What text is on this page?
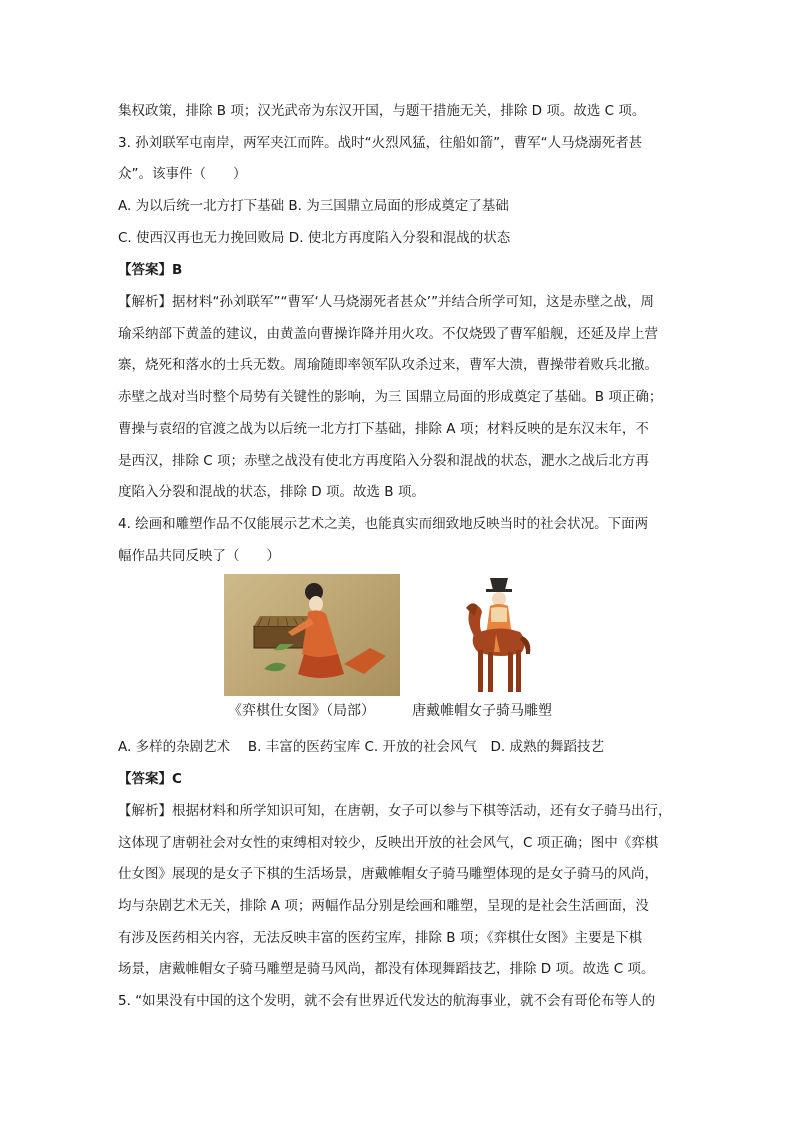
集权政策，排除 B 项；汉光武帝为东汉开国，与题干措施无关，排除 D 项。故选 C 项。
3. 孙刘联军屯南岸，两军夹江而阵。战时“火烈风猛，往船如箭”，曹军“人马烧溺死者甚
众”。该事件（　　）
A. 为以后统一北方打下基础 B. 为三国鼎立局面的形成奠定了基础
C. 使西汉再也无力挽回败局 D. 使北方再度陷入分裂和混战的状态
【答案】B
【解析】据材料“孙刘联军”“曹军‘人马烧溺死者甚众’”并结合所学可知，这是赤壁之战，周
瑜采纳部下黄盖的建议，由黄盖向曹操诈降并用火攻。不仅烧毁了曹军船舰，还延及岸上营
寨，烧死和落水的士兵无数。周瑜随即率领军队攻杀过来，曹军大溃，曹操带着败兵北撤。
赤壁之战对当时整个局势有关键性的影响，为三 国鼎立局面的形成奠定了基础。B 项正确；
曹操与袁绍的官渡之战为以后统一北方打下基础，排除 A 项；材料反映的是东汉末年，不
是西汉，排除 C 项；赤壁之战没有使北方再度陷入分裂和混战的状态，淝水之战后北方再
度陷入分裂和混战的状态，排除 D 项。故选 B 项。
4. 绘画和雕塑作品不仅能展示艺术之美，也能真实而细致地反映当时的社会状况。下面两
幅作品共同反映了（　　）
《弈棋仕女图》（局部）	唐戴帷帽女子骑马雕塑
A. 多样的杂剧艺术　 B. 丰富的医药宝库 C. 开放的社会风气　D. 成熟的舞蹈技艺
【答案】C
【解析】根据材料和所学知识可知，在唐朝，女子可以参与下棋等活动，还有女子骑马出行，
这体现了唐朝社会对女性的束缚相对较少，反映出开放的社会风气，C 项正确；图中《弈棋
仕女图》展现的是女子下棋的生活场景，唐戴帷帽女子骑马雕塑体现的是女子骑马的风尚，
均与杂剧艺术无关，排除 A 项；两幅作品分别是绘画和雕塑，呈现的是社会生活画面，没
有涉及医药相关内容，无法反映丰富的医药宝库，排除 B 项；《弈棋仕女图》主要是下棋
场景，唐戴帷帽女子骑马雕塑是骑马风尚，都没有体现舞蹈技艺，排除 D 项。故选 C 项。
5. “如果没有中国的这个发明，就不会有世界近代发达的航海事业，就不会有哥伦布等人的
